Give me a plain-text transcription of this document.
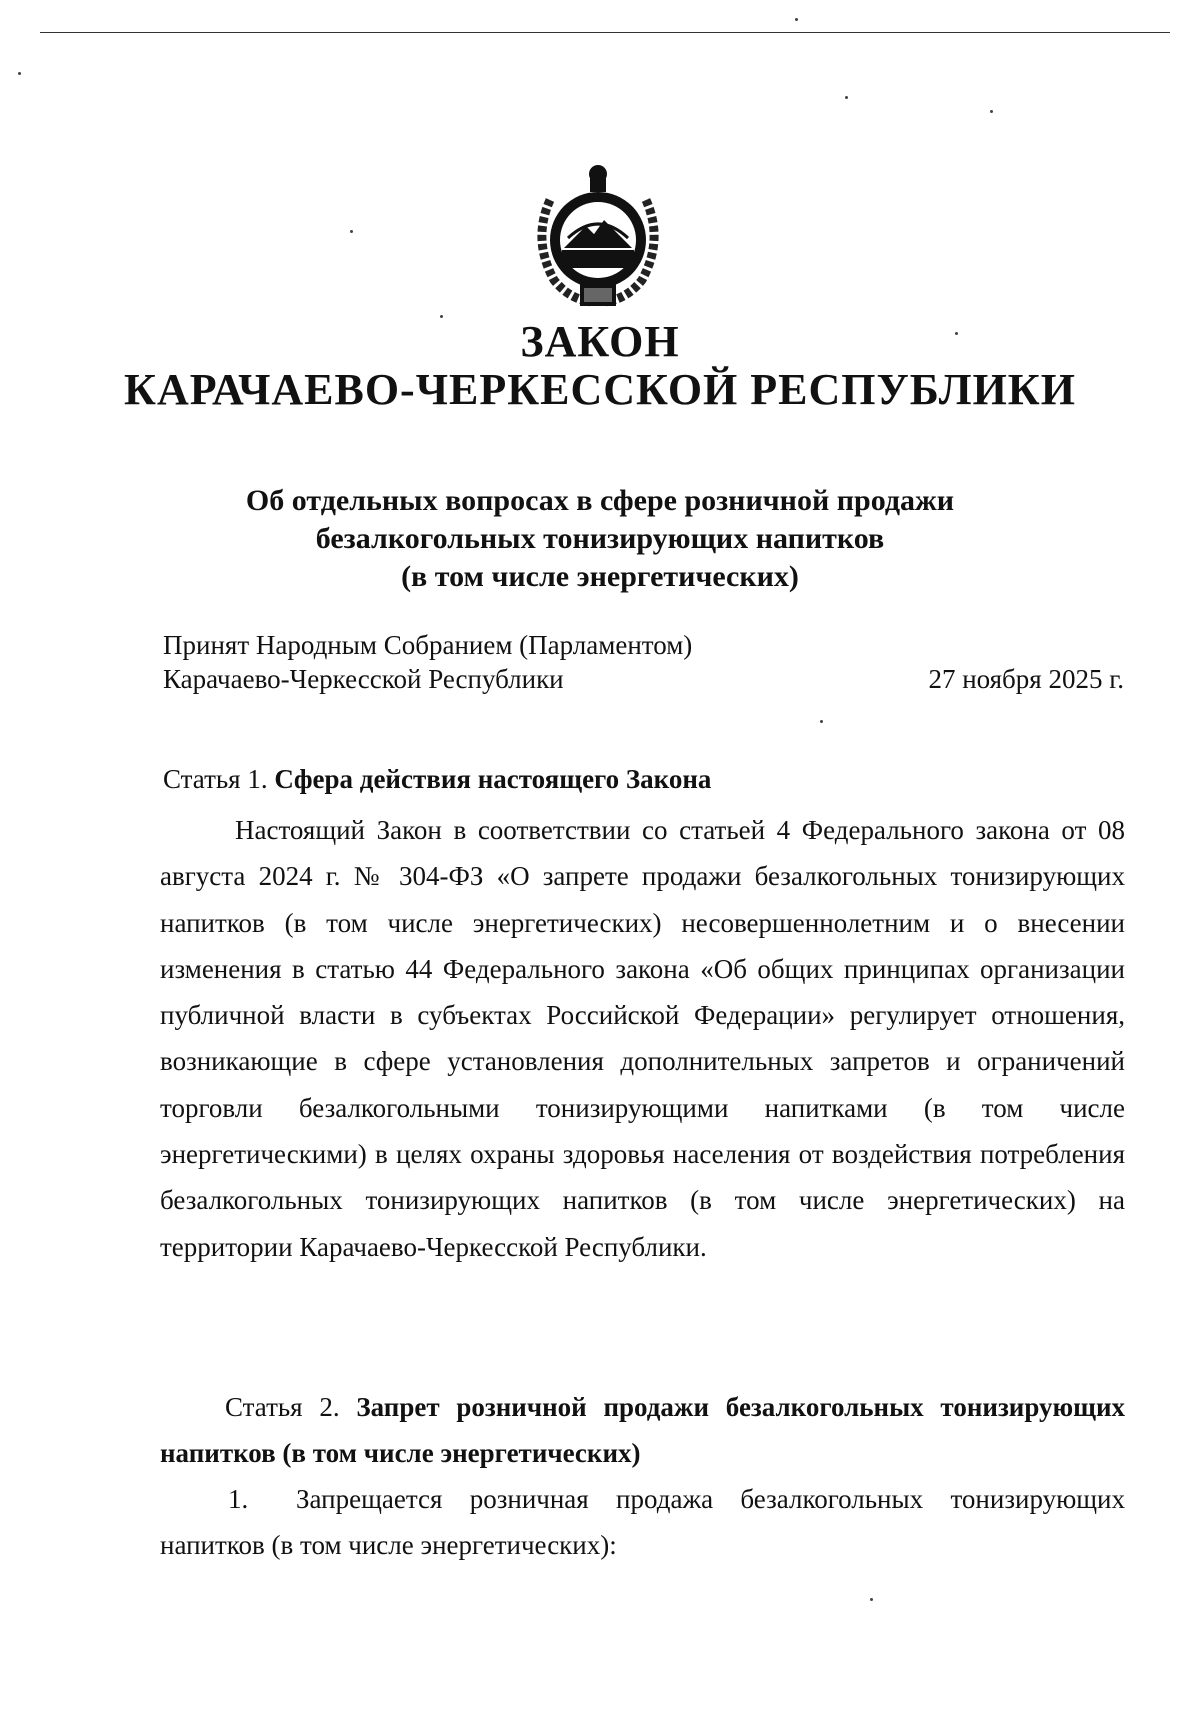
ЗАКОН
КАРАЧАЕВО-ЧЕРКЕССКОЙ РЕСПУБЛИКИ
Об отдельных вопросах в сфере розничной продажи
безалкогольных тонизирующих напитков
(в том числе энергетических)
Принят Народным Собранием (Парламентом)
Карачаево-Черкесской Республики	27 ноября 2025 г.
Статья 1. Сфера действия настоящего Закона
Настоящий Закон в соответствии со статьей 4 Федерального закона от 08 августа 2024 г. № 304-ФЗ «О запрете продажи безалкогольных тонизирующих напитков (в том числе энергетических) несовершеннолетним и о внесении изменения в статью 44 Федерального закона «Об общих принципах организации публичной власти в субъектах Российской Федерации» регулирует отношения, возникающие в сфере установления дополнительных запретов и ограничений торговли безалкогольными тонизирующими напитками (в том числе энергетическими) в целях охраны здоровья населения от воздействия потребления безалкогольных тонизирующих напитков (в том числе энергетических) на территории Карачаево-Черкесской Республики.
Статья 2. Запрет розничной продажи безалкогольных тонизирующих напитков (в том числе энергетических)
1. Запрещается розничная продажа безалкогольных тонизирующих напитков (в том числе энергетических):
